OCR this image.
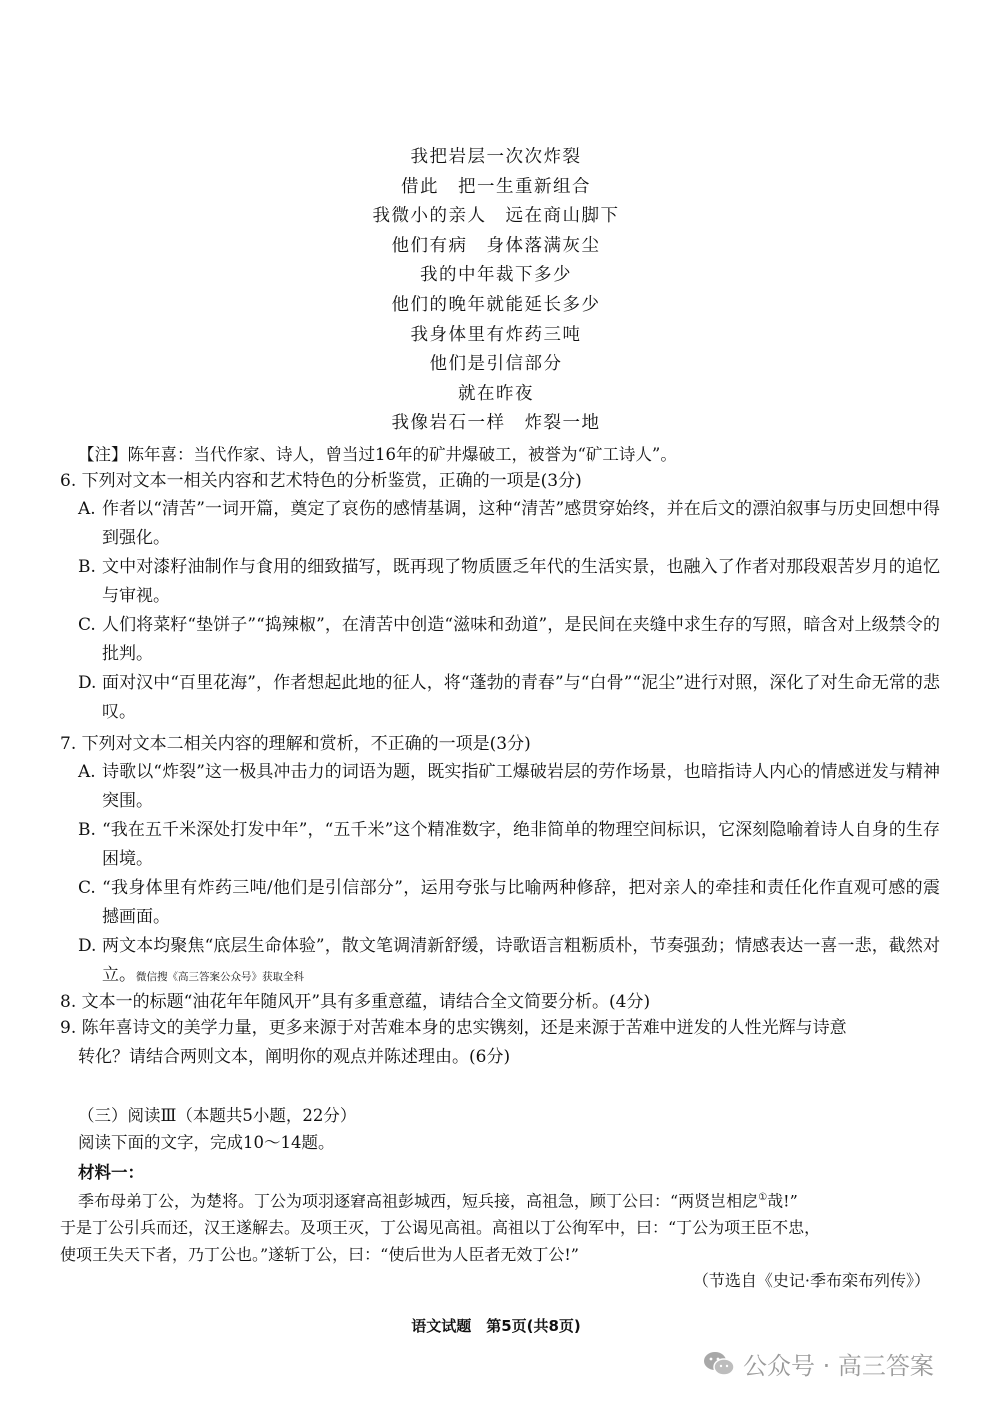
我把岩层一次次炸裂
借此　把一生重新组合
我微小的亲人　远在商山脚下
他们有病　身体落满灰尘
我的中年裁下多少
他们的晚年就能延长多少
我身体里有炸药三吨
他们是引信部分
就在昨夜
我像岩石一样　炸裂一地
【注】陈年喜：当代作家、诗人，曾当过16年的矿井爆破工，被誉为“矿工诗人”。
6. 下列对文本一相关内容和艺术特色的分析鉴赏，正确的一项是(3分)
A. 作者以“清苦”一词开篇，奠定了哀伤的感情基调，这种“清苦”感贯穿始终，并在后文的漂泊叙事与历史回想中得到强化。
B. 文中对漆籽油制作与食用的细致描写，既再现了物质匮乏年代的生活实景，也融入了作者对那段艰苦岁月的追忆与审视。
C. 人们将菜籽“垫饼子”“捣辣椒”，在清苦中创造“滋味和劲道”，是民间在夹缝中求生存的写照，暗含对上级禁令的批判。
D. 面对汉中“百里花海”，作者想起此地的征人，将“蓬勃的青春”与“白骨”“泥尘”进行对照，深化了对生命无常的悲叹。
7. 下列对文本二相关内容的理解和赏析，不正确的一项是(3分)
A. 诗歌以“炸裂”这一极具冲击力的词语为题，既实指矿工爆破岩层的劳作场景，也暗指诗人内心的情感迸发与精神突围。
B. “我在五千米深处打发中年”，“五千米”这个精准数字，绝非简单的物理空间标识，它深刻隐喻着诗人自身的生存困境。
C. “我身体里有炸药三吨/他们是引信部分”，运用夸张与比喻两种修辞，把对亲人的牵挂和责任化作直观可感的震撼画面。
D. 两文本均聚焦“底层生命体验”，散文笔调清新舒缓，诗歌语言粗粝质朴，节奏强劲；情感表达一喜一悲，截然对立。微信搜《高三答案公众号》获取全科
8. 文本一的标题“油花年年随风开”具有多重意蕴，请结合全文简要分析。(4分)
9. 陈年喜诗文的美学力量，更多来源于对苦难本身的忠实镌刻，还是来源于苦难中迸发的人性光辉与诗意
转化？请结合两则文本，阐明你的观点并陈述理由。(6分)
（三）阅读Ⅲ（本题共5小题，22分）
阅读下面的文字，完成10～14题。
材料一：
季布母弟丁公，为楚将。丁公为项羽逐窘高祖彭城西，短兵接，高祖急，顾丁公曰：“两贤岂相戹①哉!”
于是丁公引兵而还，汉王遂解去。及项王灭，丁公谒见高祖。高祖以丁公徇军中，曰：“丁公为项王臣不忠，
使项王失天下者，乃丁公也。”遂斩丁公，曰：“使后世为人臣者无效丁公!”
（节选自《史记·季布栾布列传》）
语文试题　第5页(共8页)
公众号 · 高三答案
